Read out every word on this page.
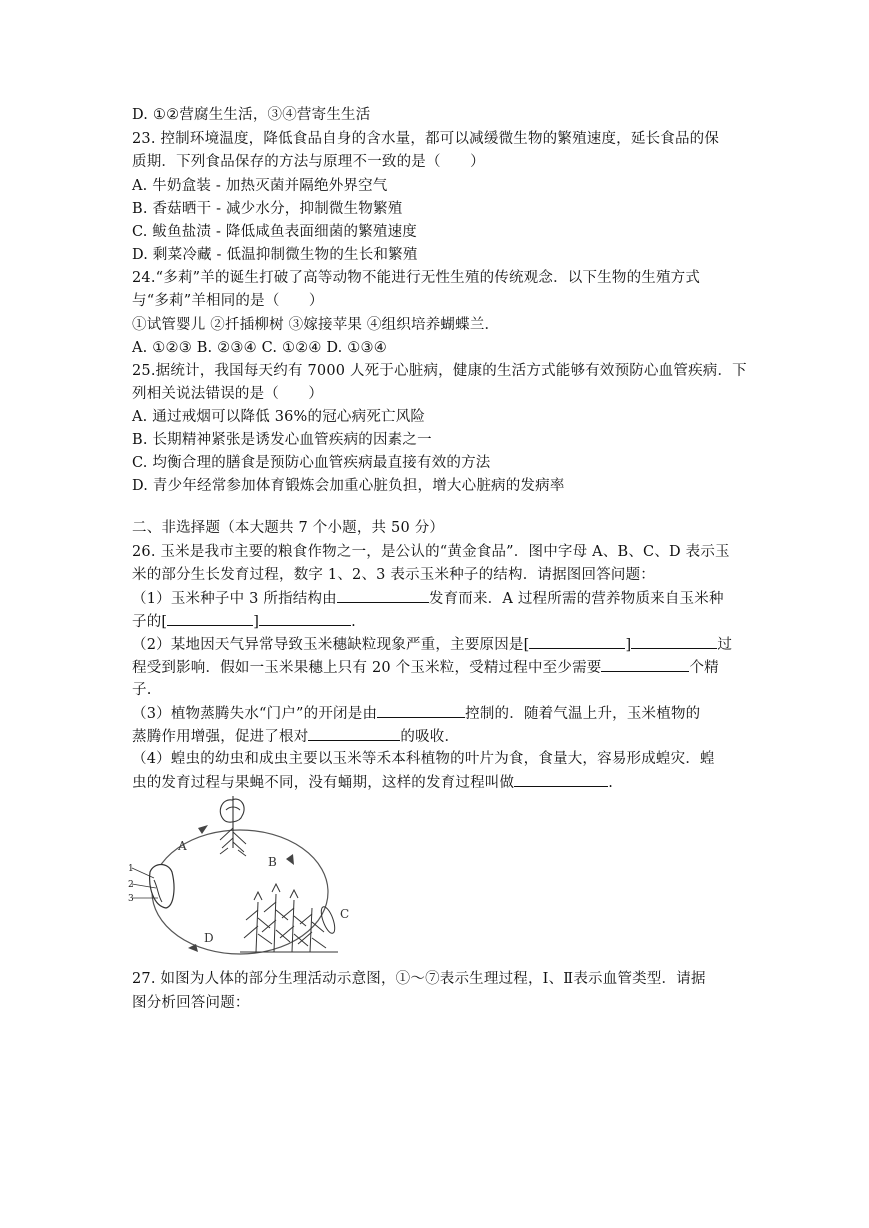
D. ①②营腐生生活，③④营寄生生活
23. 控制环境温度，降低食品自身的含水量，都可以减缓微生物的繁殖速度，延长食品的保
质期．下列食品保存的方法与原理不一致的是（　　）
A. 牛奶盒装 - 加热灭菌并隔绝外界空气
B. 香菇晒干 - 减少水分，抑制微生物繁殖
C. 鲅鱼盐渍 - 降低咸鱼表面细菌的繁殖速度
D. 剩菜冷藏 - 低温抑制微生物的生长和繁殖
24.“多莉”羊的诞生打破了高等动物不能进行无性生殖的传统观念．以下生物的生殖方式
与“多莉”羊相同的是（　　）
①试管婴儿 ②扦插柳树 ③嫁接苹果 ④组织培养蝴蝶兰．
A. ①②③ B. ②③④ C. ①②④ D. ①③④
25.据统计，我国每天约有 7000 人死于心脏病，健康的生活方式能够有效预防心血管疾病．下
列相关说法错误的是（　　）
A. 通过戒烟可以降低 36%的冠心病死亡风险
B. 长期精神紧张是诱发心血管疾病的因素之一
C. 均衡合理的膳食是预防心血管疾病最直接有效的方法
D. 青少年经常参加体育锻炼会加重心脏负担，增大心脏病的发病率
二、非选择题（本大题共 7 个小题，共 50 分）
26. 玉米是我市主要的粮食作物之一，是公认的“黄金食品”．图中字母 A、B、C、D 表示玉
米的部分生长发育过程，数字 1、2、3 表示玉米种子的结构．请据图回答问题：
（1）玉米种子中 3 所指结构由	发育而来．A 过程所需的营养物质来自玉米种
子的[	]	.
（2）某地因天气异常导致玉米穗缺粒现象严重，主要原因是[	]	过
程受到影响．假如一玉米果穗上只有 20 个玉米粒，受精过程中至少需要	个精
子.
（3）植物蒸腾失水“门户”的开闭是由	控制的．随着气温上升，玉米植物的
蒸腾作用增强，促进了根对	的吸收．
（4）蝗虫的幼虫和成虫主要以玉米等禾本科植物的叶片为食，食量大，容易形成蝗灾．蝗
虫的发育过程与果蝇不同，没有蛹期，这样的发育过程叫做	.
1
2
3
A
B
C
D
27. 如图为人体的部分生理活动示意图，①～⑦表示生理过程，Ⅰ、Ⅱ表示血管类型．请据
图分析回答问题：
